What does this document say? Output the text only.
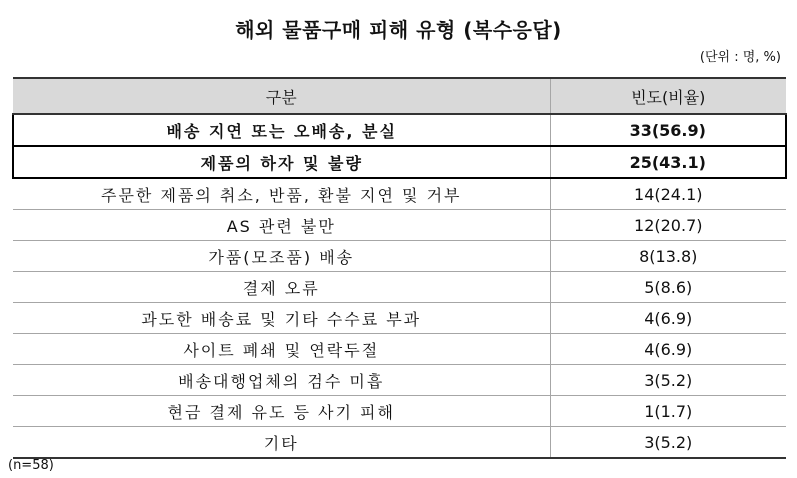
해외 물품구매 피해 유형 (복수응답)
(단위 : 명, %)
구분	빈도(비율)
배송 지연 또는 오배송, 분실	33(56.9)
제품의 하자 및 불량	25(43.1)
주문한 제품의 취소, 반품, 환불 지연 및 거부	14(24.1)
AS 관련 불만	12(20.7)
가품(모조품) 배송	8(13.8)
결제 오류	5(8.6)
과도한 배송료 및 기타 수수료 부과	4(6.9)
사이트 폐쇄 및 연락두절	4(6.9)
배송대행업체의 검수 미흡	3(5.2)
현금 결제 유도 등 사기 피해	1(1.7)
기타	3(5.2)
(n=58)
